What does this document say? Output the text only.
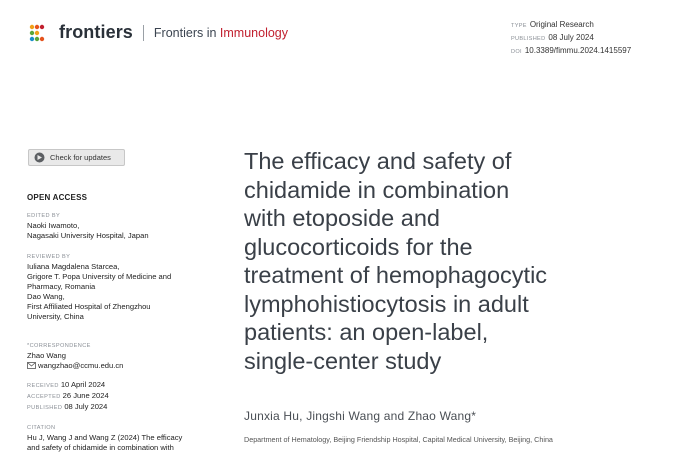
frontiers Frontiers in Immunology	TYPE Original Research
PUBLISHED 08 July 2024
DOI 10.3389/fimmu.2024.1415597
Check for updates
OPEN ACCESS
EDITED BY
Naoki Iwamoto,
Nagasaki University Hospital, Japan
REVIEWED BY
Iuliana Magdalena Starcea,
Grigore T. Popa University of Medicine and
Pharmacy, Romania
Dao Wang,
First Affiliated Hospital of Zhengzhou
University, China
*CORRESPONDENCE
Zhao Wang
wangzhao@ccmu.edu.cn
RECEIVED 10 April 2024
ACCEPTED 26 June 2024
PUBLISHED 08 July 2024
CITATION
Hu J, Wang J and Wang Z (2024) The efficacy
and safety of chidamide in combination with
The efficacy and safety of
chidamide in combination
with etoposide and
glucocorticoids for the
treatment of hemophagocytic
lymphohistiocytosis in adult
patients: an open-label,
single-center study
Junxia Hu, Jingshi Wang and Zhao Wang*
Department of Hematology, Beijing Friendship Hospital, Capital Medical University, Beijing, China
